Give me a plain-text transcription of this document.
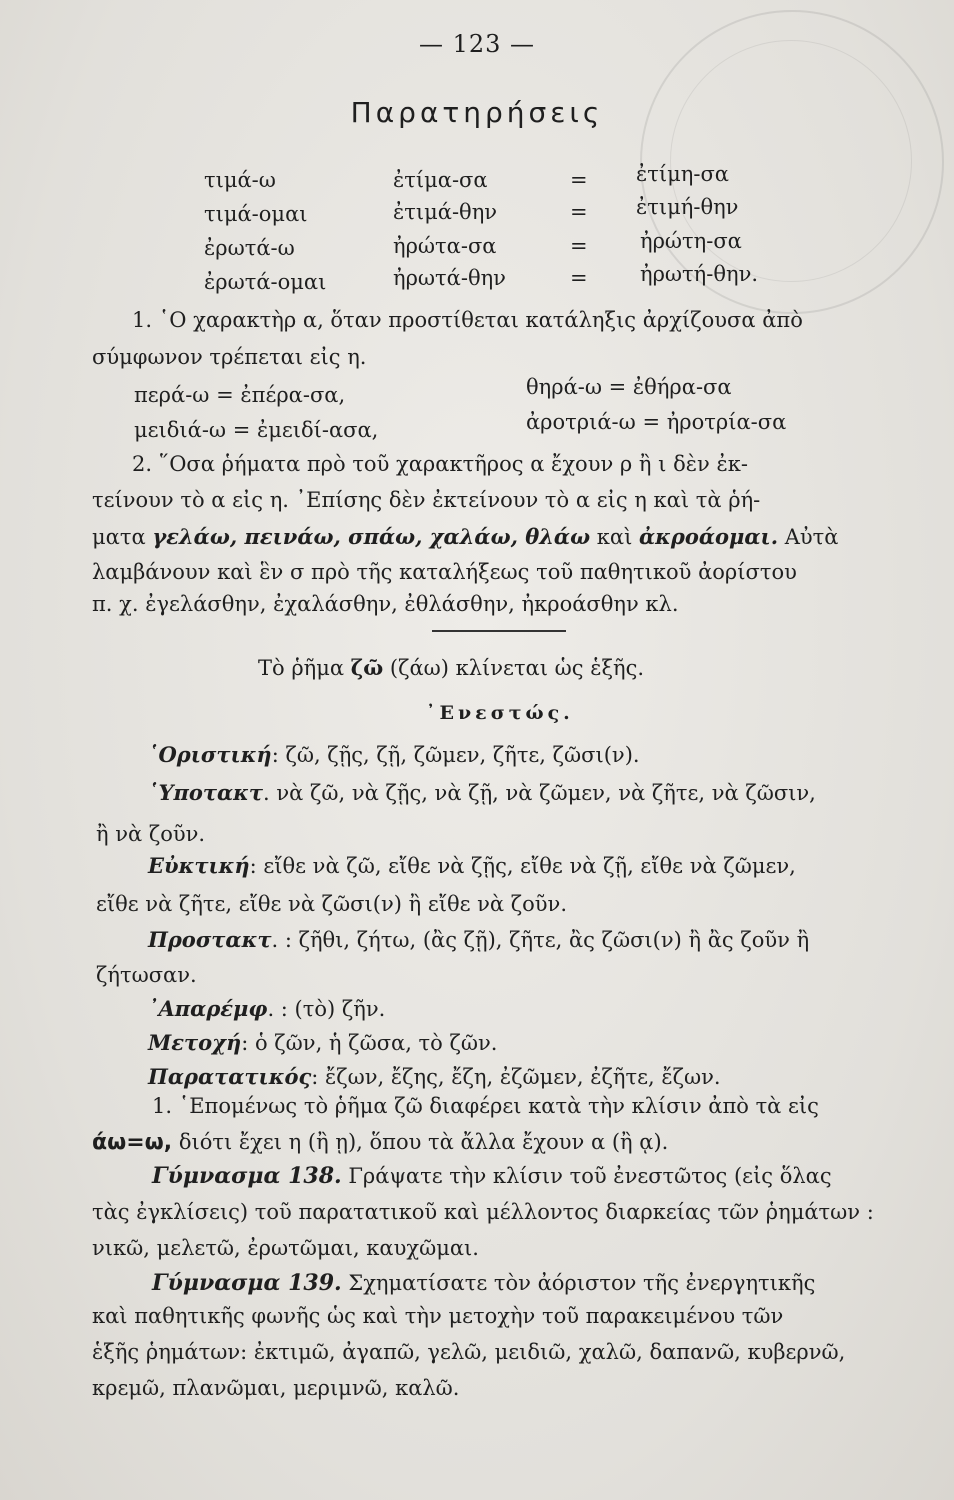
— 123 —
Παρατηρήσεις
τιμά-ω	ἐτίμα-σα	= ἐτίμη-σα
τιμά-ομαι	ἐτιμά-θην	= ἐτιμή-θην
ἐρωτά-ω	ἠρώτα-σα	= ἠρώτη-σα
ἐρωτά-ομαι	ἠρωτά-θην	= ἠρωτή-θην.
1. ῾Ο χαρακτὴρ α, ὅταν προστίθεται κατάληξις ἀρχίζουσα ἀπὸ
σύμφωνον τρέπεται εἰς η.
περά-ω = ἐπέρα-σα,	θηρά-ω = ἐθήρα-σα
μειδιά-ω = ἐμειδί-ασα,	ἀροτριά-ω = ἠροτρία-σα
2. ῞Οσα ῥήματα πρὸ τοῦ χαρακτῆρος α ἔχουν ρ ἢ ι δὲν ἐκ-
τείνουν τὸ α εἰς η. ᾽Επίσης δὲν ἐκτείνουν τὸ α εἰς η καὶ τὰ ῥή-
ματα γελάω, πεινάω, σπάω, χαλάω, θλάω καὶ ἀκροάομαι. Αὐτὰ
λαμβάνουν καὶ ἓν σ πρὸ τῆς καταλήξεως τοῦ παθητικοῦ ἀορίστου
π. χ. ἐγελάσθην, ἐχαλάσθην, ἐθλάσθην, ἠκροάσθην κλ.
Τὸ ῥῆμα ζῶ (ζάω) κλίνεται ὡς ἑξῆς.
᾽Ενεστώς.
῾Οριστική: ζῶ, ζῇς, ζῇ, ζῶμεν, ζῆτε, ζῶσι(ν).
῾Υποτακτ. νὰ ζῶ, νὰ ζῇς, νὰ ζῇ, νὰ ζῶμεν, νὰ ζῆτε, νὰ ζῶσιν,
ἢ νὰ ζοῦν.
Εὐκτική: εἴθε νὰ ζῶ, εἴθε νὰ ζῇς, εἴθε νὰ ζῇ, εἴθε νὰ ζῶμεν,
εἴθε νὰ ζῆτε, εἴθε νὰ ζῶσι(ν) ἢ εἴθε νὰ ζοῦν.
Προστακτ. : ζῆθι, ζήτω, (ἂς ζῇ), ζῆτε, ἂς ζῶσι(ν) ἢ ἂς ζοῦν ἢ
ζήτωσαν.
᾽Απαρέμφ. : (τὸ) ζῆν.
Μετοχή: ὁ ζῶν, ἡ ζῶσα, τὸ ζῶν.
Παρατατικός: ἔζων, ἔζης, ἔζη, ἐζῶμεν, ἐζῆτε, ἔζων.
1. ῾Επομένως τὸ ῥῆμα ζῶ διαφέρει κατὰ τὴν κλίσιν ἀπὸ τὰ εἰς
άω=ω, διότι ἔχει η (ἢ ῃ), ὅπου τὰ ἄλλα ἔχουν α (ἢ ᾳ).
Γύμνασμα 138. Γράψατε τὴν κλίσιν τοῦ ἐνεστῶτος (εἰς ὅλας
τὰς ἐγκλίσεις) τοῦ παρατατικοῦ καὶ μέλλοντος διαρκείας τῶν ῥημάτων :
νικῶ, μελετῶ, ἐρωτῶμαι, καυχῶμαι.
Γύμνασμα 139. Σχηματίσατε τὸν ἀόριστον τῆς ἐνεργητικῆς
καὶ παθητικῆς φωνῆς ὡς καὶ τὴν μετοχὴν τοῦ παρακειμένου τῶν
ἑξῆς ῥημάτων: ἐκτιμῶ, ἀγαπῶ, γελῶ, μειδιῶ, χαλῶ, δαπανῶ, κυβερνῶ,
κρεμῶ, πλανῶμαι, μεριμνῶ, καλῶ.
